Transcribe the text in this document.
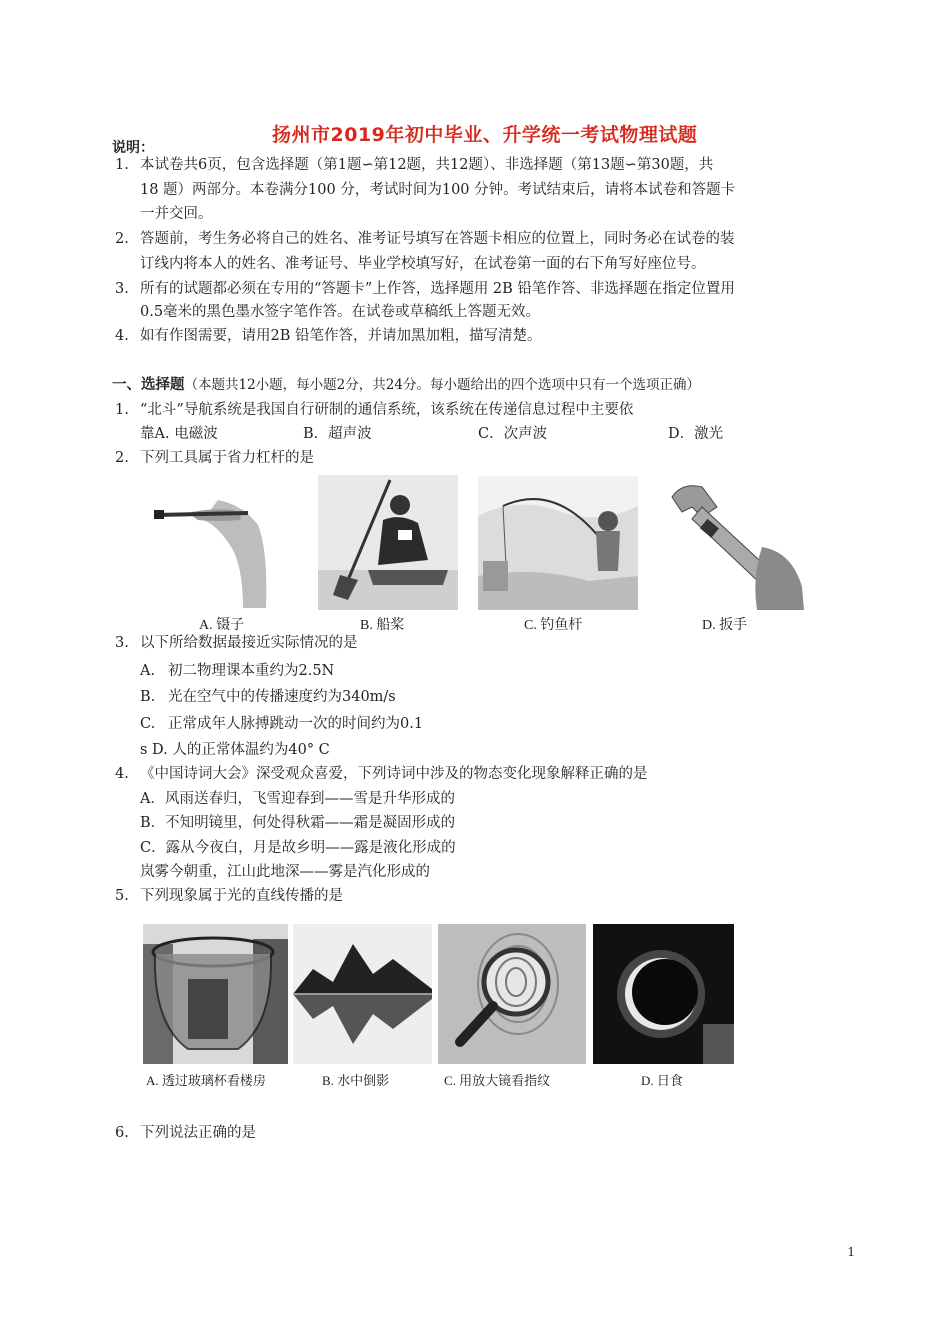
扬州市2019年初中毕业、升学统一考试物理试题
说明：
1. 本试卷共6页，包含选择题（第1题∽第12题，共12题）、非选择题（第13题∽第30题，共
18 题）两部分。本卷满分100 分，考试时间为100 分钟。考试结束后，请将本试卷和答题卡
一并交回。
2. 答题前，考生务必将自己的姓名、准考证号填写在答题卡相应的位置上，同时务必在试卷的装
订线内将本人的姓名、准考证号、毕业学校填写好，在试卷第一面的右下角写好座位号。
3. 所有的试题都必须在专用的“答题卡”上作答，选择题用 2B 铅笔作答、非选择题在指定位置用
0.5毫米的黑色墨水签字笔作答。在试卷或草稿纸上答题无效。
4. 如有作图需要，请用2B 铅笔作答，并请加黑加粗，描写清楚。
一、选择题（本题共12小题，每小题2分，共24分。每小题给出的四个选项中只有一个选项正确）
1. “北斗”导航系统是我国自行研制的通信系统，该系统在传递信息过程中主要依
靠A. 电磁波	B．超声波	C．次声波	D．激光
2. 下列工具属于省力杠杆的是
A. 镊子	B. 船桨	C. 钓鱼杆	D. 扳手
3. 以下所给数据最接近实际情况的是
A. 初二物理课本重约为2.5N
B. 光在空气中的传播速度约为340m/s
C. 正常成年人脉搏跳动一次的时间约为0.1
s D. 人的正常体温约为40° C
4. 《中国诗词大会》深受观众喜爱，下列诗词中涉及的物态变化现象解释正确的是
A．风雨送春归，飞雪迎春到——雪是升华形成的
B．不知明镜里，何处得秋霜——霜是凝固形成的
C．露从今夜白，月是故乡明——露是液化形成的
岚雾今朝重，江山此地深——雾是汽化形成的
5. 下列现象属于光的直线传播的是
A. 透过玻璃杯看楼房	B. 水中倒影	C. 用放大镜看指纹	D. 日食
6. 下列说法正确的是
1
